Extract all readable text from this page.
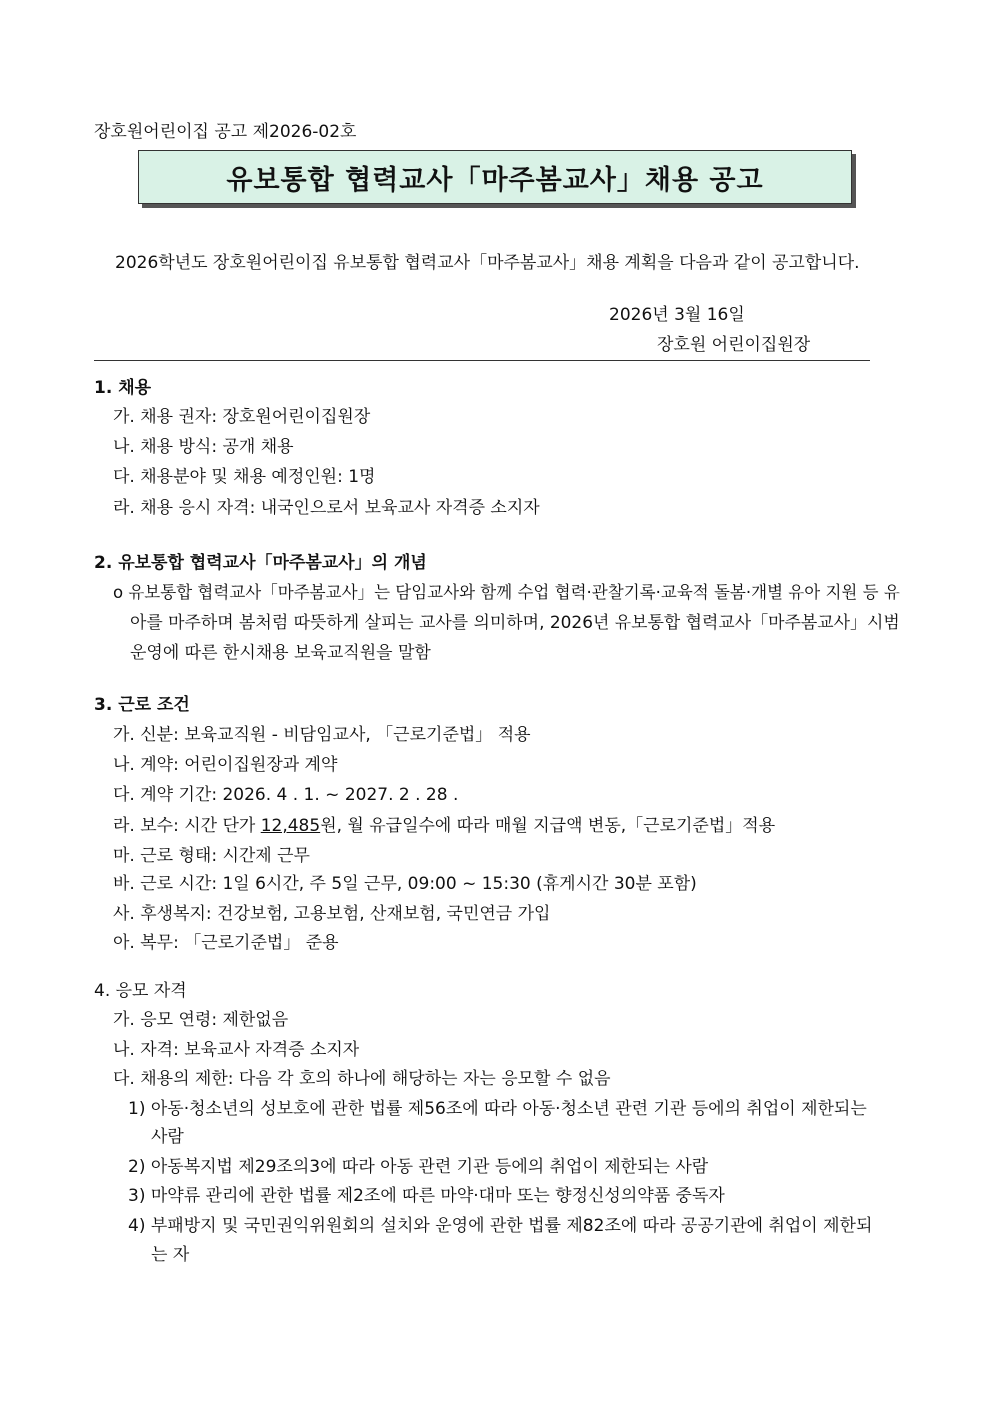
장호원어린이집 공고 제2026-02호
유보통합 협력교사「마주봄교사」채용 공고
2026학년도 장호원어린이집 유보통합 협력교사「마주봄교사」채용 계획을 다음과 같이 공고합니다.
2026년 3월 16일
장호원 어린이집원장
1. 채용
가. 채용 권자: 장호원어린이집원장
나. 채용 방식: 공개 채용
다. 채용분야 및 채용 예정인원: 1명
라. 채용 응시 자격: 내국인으로서 보육교사 자격증 소지자
2. 유보통합 협력교사「마주봄교사」의 개념
o 유보통합 협력교사「마주봄교사」는 담임교사와 함께 수업 협력·관찰기록·교육적 돌봄·개별 유아 지원 등 유
아를 마주하며 봄처럼 따뜻하게 살피는 교사를 의미하며, 2026년 유보통합 협력교사「마주봄교사」시범
운영에 따른 한시채용 보육교직원을 말함
3. 근로 조건
가. 신분: 보육교직원 - 비담임교사, 「근로기준법」 적용
나. 계약: 어린이집원장과 계약
다. 계약 기간: 2026. 4 . 1. ~ 2027. 2 . 28 .
라. 보수: 시간 단가 12,485원, 월 유급일수에 따라 매월 지급액 변동,「근로기준법」적용
마. 근로 형태: 시간제 근무
바. 근로 시간: 1일 6시간, 주 5일 근무, 09:00 ~ 15:30 (휴게시간 30분 포함)
사. 후생복지: 건강보험, 고용보험, 산재보험, 국민연금 가입
아. 복무: 「근로기준법」 준용
4. 응모 자격
가. 응모 연령: 제한없음
나. 자격: 보육교사 자격증 소지자
다. 채용의 제한: 다음 각 호의 하나에 해당하는 자는 응모할 수 없음
1) 아동·청소년의 성보호에 관한 법률 제56조에 따라 아동·청소년 관련 기관 등에의 취업이 제한되는
사람
2) 아동복지법 제29조의3에 따라 아동 관련 기관 등에의 취업이 제한되는 사람
3) 마약류 관리에 관한 법률 제2조에 따른 마약·대마 또는 향정신성의약품 중독자
4) 부패방지 및 국민권익위원회의 설치와 운영에 관한 법률 제82조에 따라 공공기관에 취업이 제한되
는 자
